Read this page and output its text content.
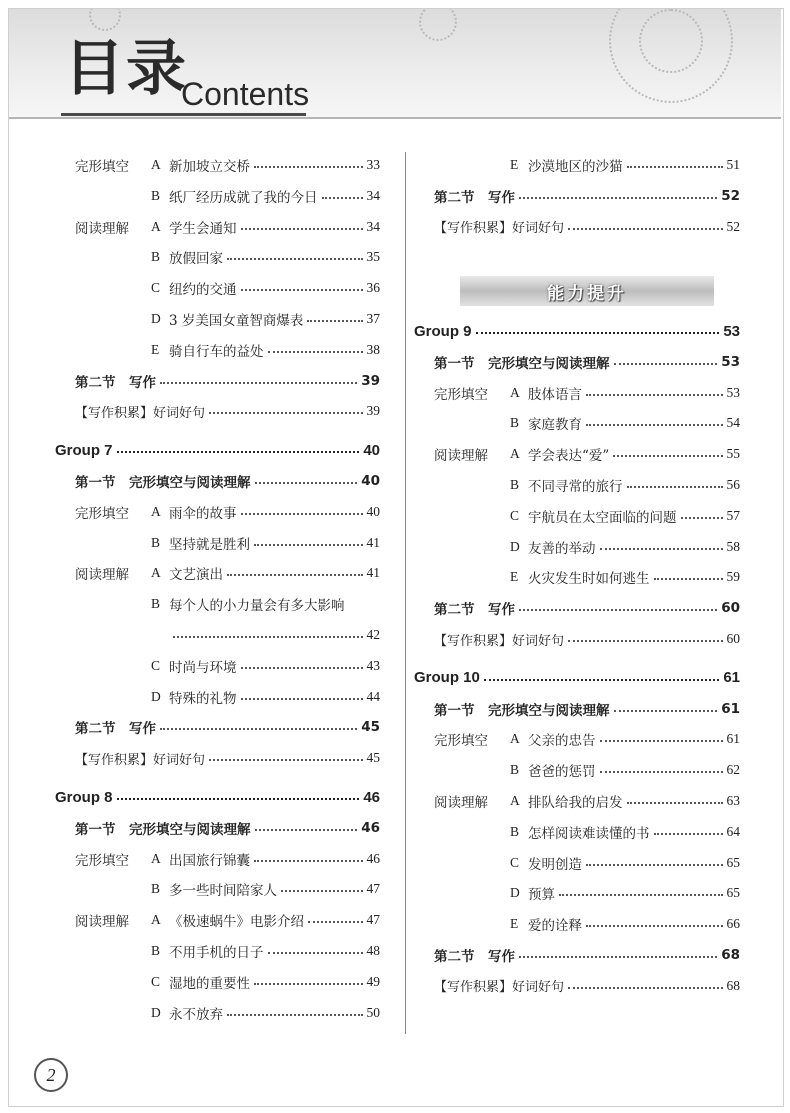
目录
Contents
完形填空	A 新加坡立交桥	33
B 纸厂经历成就了我的今日	34
阅读理解	A 学生会通知	34
B 放假回家	35
C 纽约的交通	36
D 3 岁美国女童智商爆表	37
E 骑自行车的益处	38
第二节　写作	39
【写作积累】好词好句	39
Group 7	40
第一节　完形填空与阅读理解	40
完形填空	A 雨伞的故事	40
B 坚持就是胜利	41
阅读理解	A 文艺演出	41
B 每个人的小力量会有多大影响
42
C 时尚与环境	43
D 特殊的礼物	44
第二节　写作	45
【写作积累】好词好句	45
Group 8	46
第一节　完形填空与阅读理解	46
完形填空	A 出国旅行锦囊	46
B 多一些时间陪家人	47
阅读理解	A 《极速蜗牛》电影介绍	47
B 不用手机的日子	48
C 湿地的重要性	49
D 永不放弃	50
E 沙漠地区的沙猫	51
第二节　写作	52
【写作积累】好词好句	52
能力提升
Group 9	53
第一节　完形填空与阅读理解	53
完形填空	A 肢体语言	53
B 家庭教育	54
阅读理解	A 学会表达“爱”	55
B 不同寻常的旅行	56
C 宇航员在太空面临的问题	57
D 友善的举动	58
E 火灾发生时如何逃生	59
第二节　写作	60
【写作积累】好词好句	60
Group 10	61
第一节　完形填空与阅读理解	61
完形填空	A 父亲的忠告	61
B 爸爸的惩罚	62
阅读理解	A 排队给我的启发	63
B 怎样阅读难读懂的书	64
C 发明创造	65
D 预算	65
E 爱的诠释	66
第二节　写作	68
【写作积累】好词好句	68
2
